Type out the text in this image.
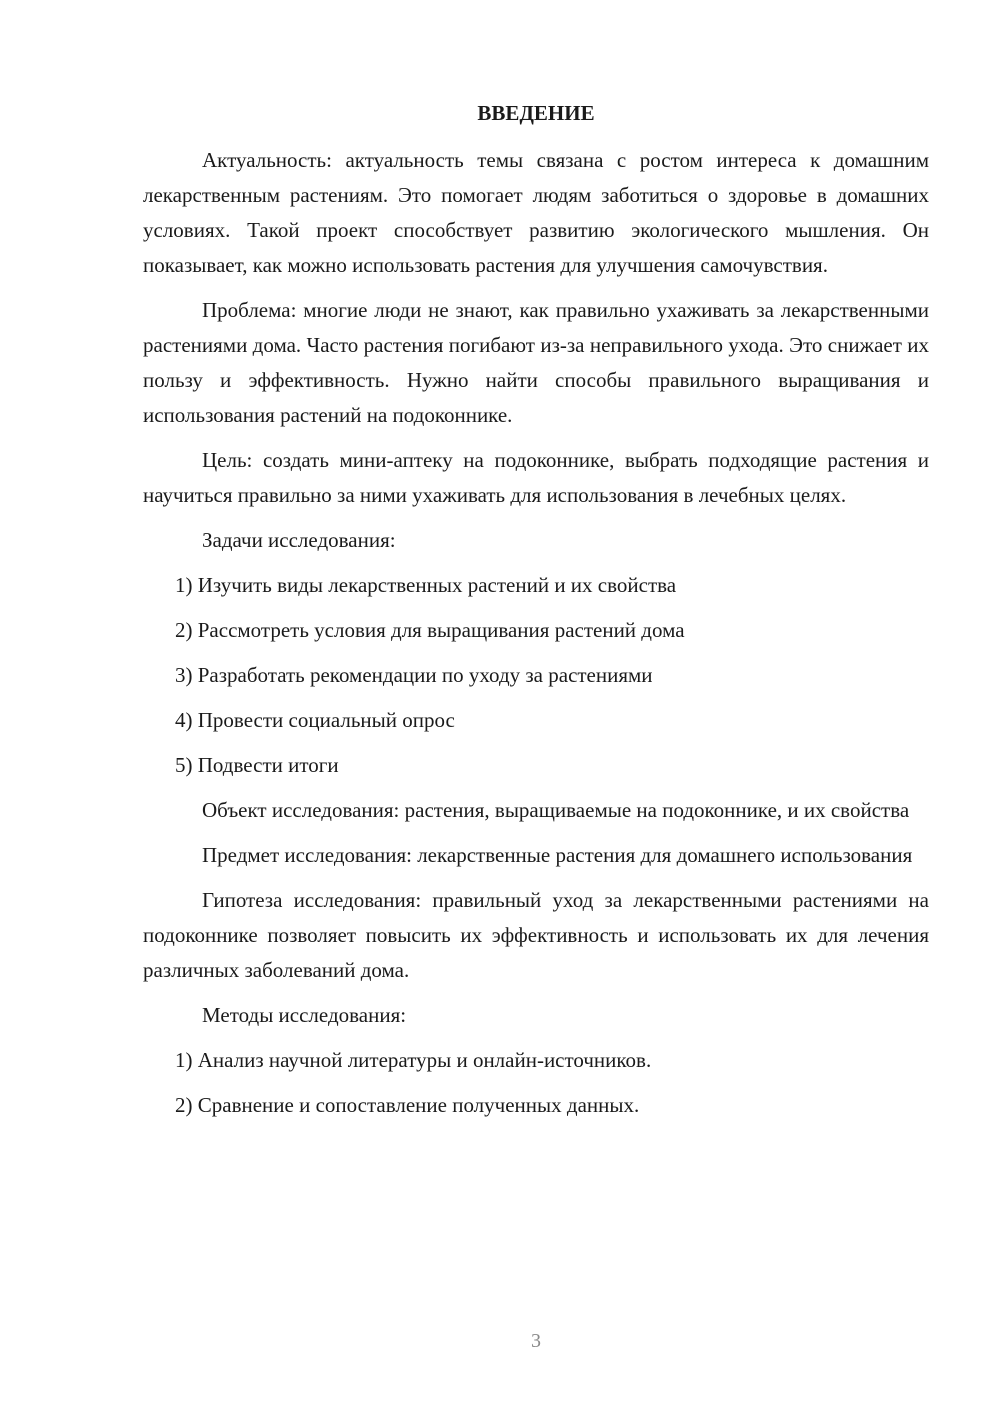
ВВЕДЕНИЕ

Актуальность: актуальность темы связана с ростом интереса к домашним лекарственным растениям. Это помогает людям заботиться о здоровье в домашних условиях. Такой проект способствует развитию экологического мышления. Он показывает, как можно использовать растения для улучшения самочувствия.

Проблема: многие люди не знают, как правильно ухаживать за лекарственными растениями дома. Часто растения погибают из-за неправильного ухода. Это снижает их пользу и эффективность. Нужно найти способы правильного выращивания и использования растений на подоконнике.

Цель: создать мини-аптеку на подоконнике, выбрать подходящие растения и научиться правильно за ними ухаживать для использования в лечебных целях.

Задачи исследования:

1) Изучить виды лекарственных растений и их свойства

2) Рассмотреть условия для выращивания растений дома

3) Разработать рекомендации по уходу за растениями

4) Провести социальный опрос

5) Подвести итоги

Объект исследования: растения, выращиваемые на подоконнике, и их свойства

Предмет исследования: лекарственные растения для домашнего использования

Гипотеза исследования: правильный уход за лекарственными растениями на подоконнике позволяет повысить их эффективность и использовать их для лечения различных заболеваний дома.

Методы исследования:

1) Анализ научной литературы и онлайн-источников.

2) Сравнение и сопоставление полученных данных.

3
